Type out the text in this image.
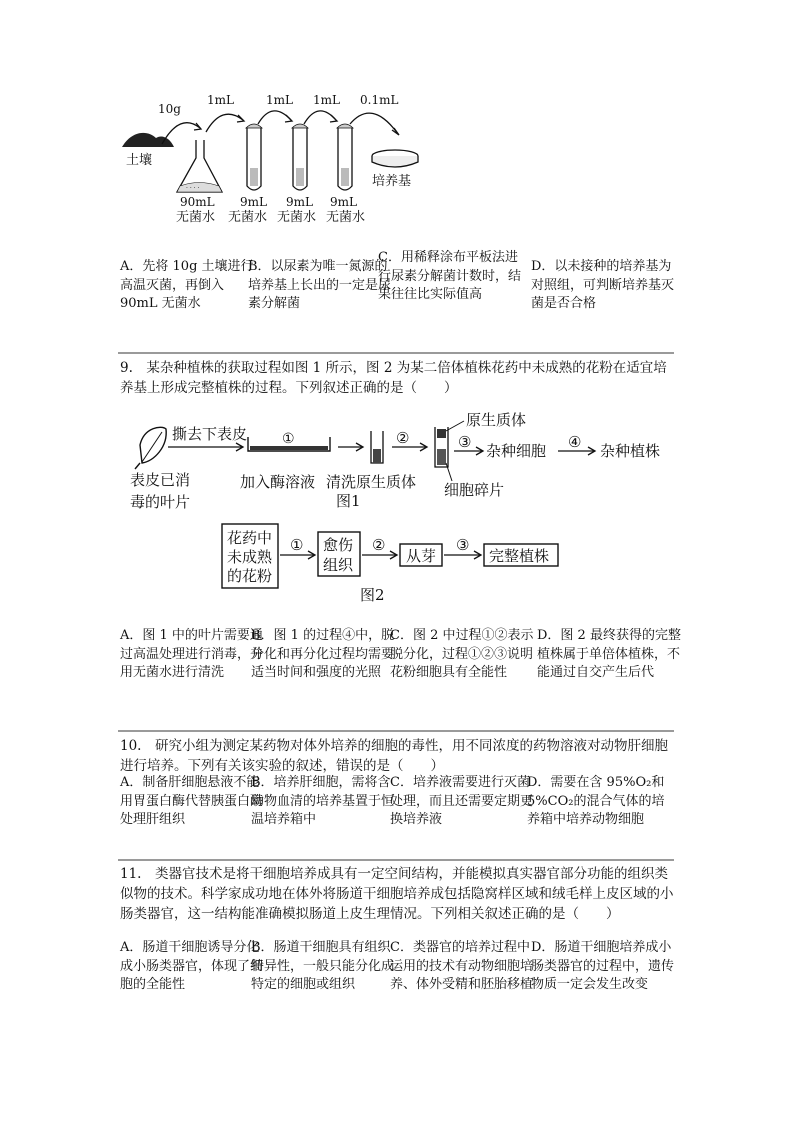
土壤
10g
· · · ·
90mL
无菌水
1mL
9mL
无菌水
1mL
9mL
无菌水
1mL
9mL
无菌水
0.1mL
培养基
A．先将 10g 土壤进行高温灭菌，再倒入 90mL 无菌水
B．以尿素为唯一氮源的培养基上长出的一定是尿素分解菌
C．用稀释涂布平板法进行尿素分解菌计数时，结果往往比实际值高
D．以未接种的培养基为对照组，可判断培养基灭菌是否合格
9.　某杂种植株的获取过程如图 1 所示，图 2 为某二倍体植株花药中未成熟的花粉在适宜培养基上形成完整植株的过程。下列叙述正确的是（　　）
表皮已消
毒的叶片
撕去下表皮 ①
加入酶溶液 清洗原生质体
②
原生质体
细胞碎片
图1
③ 杂种细胞 ④ 杂种植株
花药中
未成熟
的花粉
① 愈伤
组织
②
从芽
③
完整植株
图2
A．图 1 中的叶片需要通过高温处理进行消毒，并用无菌水进行清洗
B．图 1 的过程④中，脱分化和再分化过程均需要适当时间和强度的光照
C．图 2 中过程①②表示脱分化，过程①②③说明花粉细胞具有全能性
D．图 2 最终获得的完整植株属于单倍体植株，不能通过自交产生后代
10.　研究小组为测定某药物对体外培养的细胞的毒性，用不同浓度的药物溶液对动物肝细胞进行培养。下列有关该实验的叙述，错误的是（　　）
A．制备肝细胞悬液不能用胃蛋白酶代替胰蛋白酶处理肝组织
B．培养肝细胞，需将含动物血清的培养基置于恒温培养箱中
C．培养液需要进行灭菌处理，而且还需要定期更换培养液
D．需要在含 95%O₂和 5%CO₂的混合气体的培养箱中培养动物细胞
11.　类器官技术是将干细胞培养成具有一定空间结构，并能模拟真实器官部分功能的组织类似物的技术。科学家成功地在体外将肠道干细胞培养成包括隐窝样区域和绒毛样上皮区域的小肠类器官，这一结构能准确模拟肠道上皮生理情况。下列相关叙述正确的是（　　）
A．肠道干细胞诱导分化成小肠类器官，体现了细胞的全能性
B．肠道干细胞具有组织特异性，一般只能分化成特定的细胞或组织
C．类器官的培养过程中运用的技术有动物细胞培养、体外受精和胚胎移植
D．肠道干细胞培养成小肠类器官的过程中，遗传物质一定会发生改变
